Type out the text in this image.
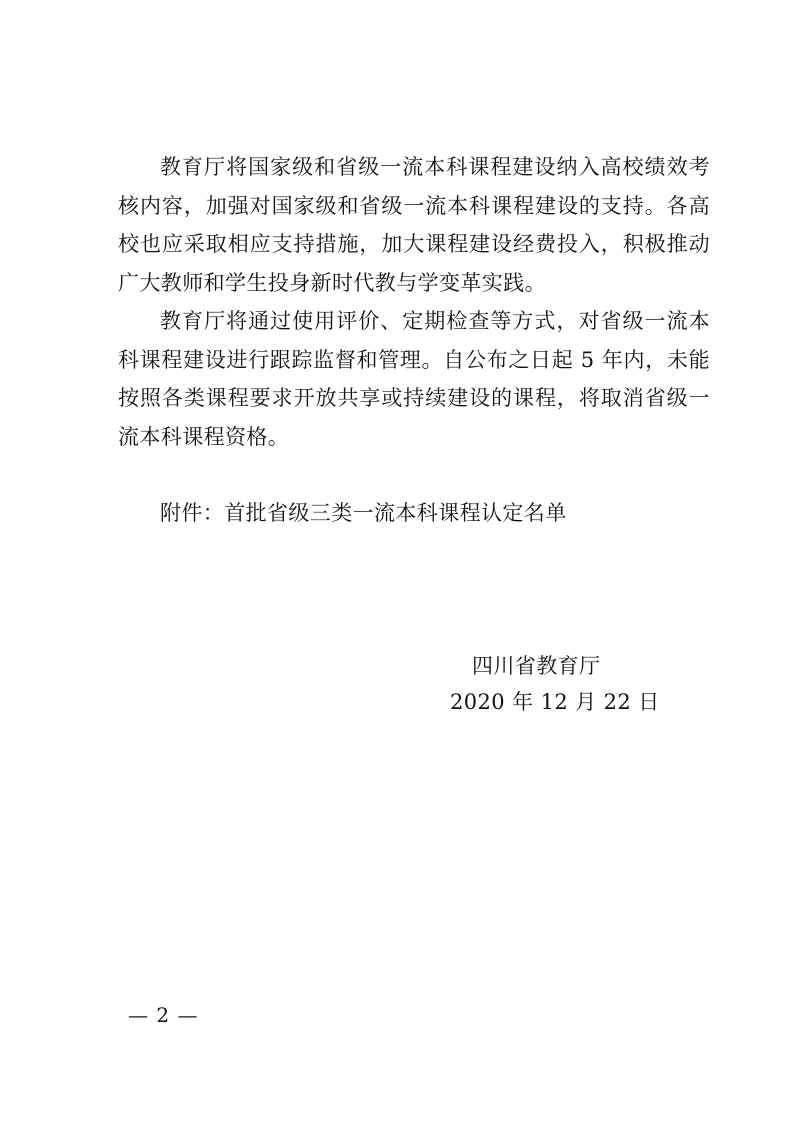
教育厅将国家级和省级一流本科课程建设纳入高校绩效考核内容，加强对国家级和省级一流本科课程建设的支持。各高校也应采取相应支持措施，加大课程建设经费投入，积极推动广大教师和学生投身新时代教与学变革实践。

教育厅将通过使用评价、定期检查等方式，对省级一流本科课程建设进行跟踪监督和管理。自公布之日起 5 年内，未能按照各类课程要求开放共享或持续建设的课程，将取消省级一流本科课程资格。

附件：首批省级三类一流本科课程认定名单
四川省教育厅
2020 年 12 月 22 日
— 2 —
